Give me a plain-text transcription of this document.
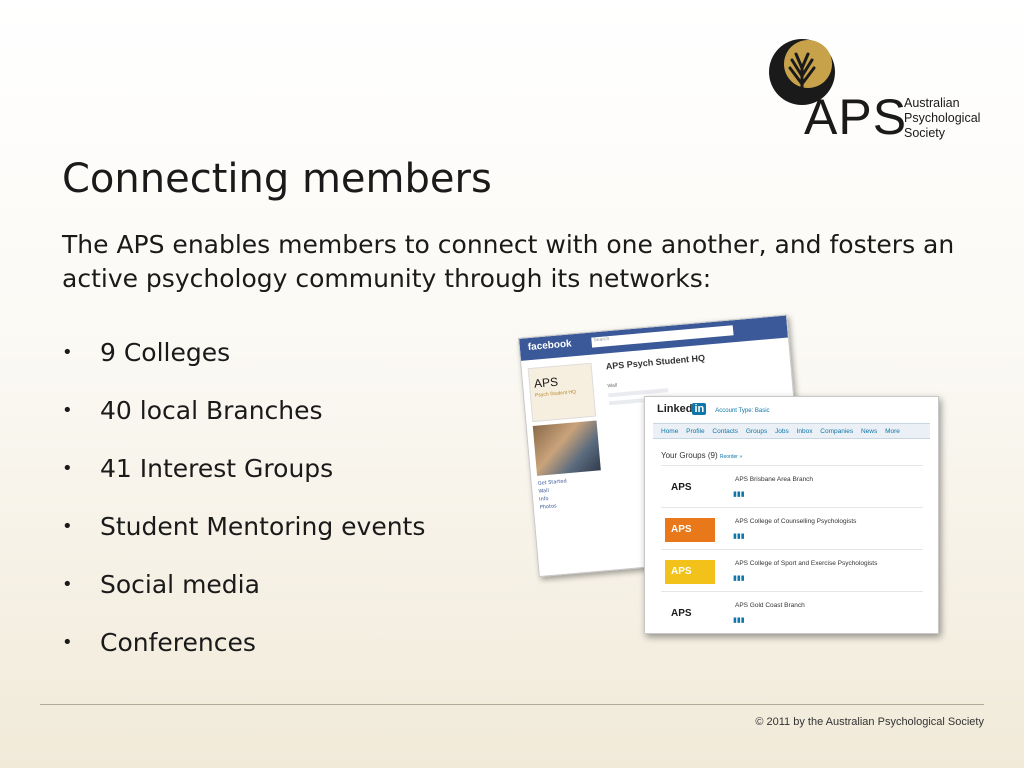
APS
Australian
Psychological
Society
Connecting members

The APS enables members to connect with one another, and fosters an active psychology community through its networks:

• 9 Colleges
• 40 local Branches
• 41 Interest Groups
• Student Mentoring events
• Social media
• Conferences
facebook	Search
APS
Psych Student HQ
Get Started
Wall
Info
Photos
APS Psych Student HQ
Wall
Linked in Account Type: Basic
Home Profile Contacts Groups Jobs Inbox Companies News More
Your Groups (9) Reorder »
APS
APS Brisbane Area Branch
▮▮▮
APS
APS College of Counselling Psychologists
▮▮▮
APS
APS College of Sport and Exercise Psychologists
▮▮▮
APS
APS Gold Coast Branch
▮▮▮
© 2011 by the Australian Psychological Society
